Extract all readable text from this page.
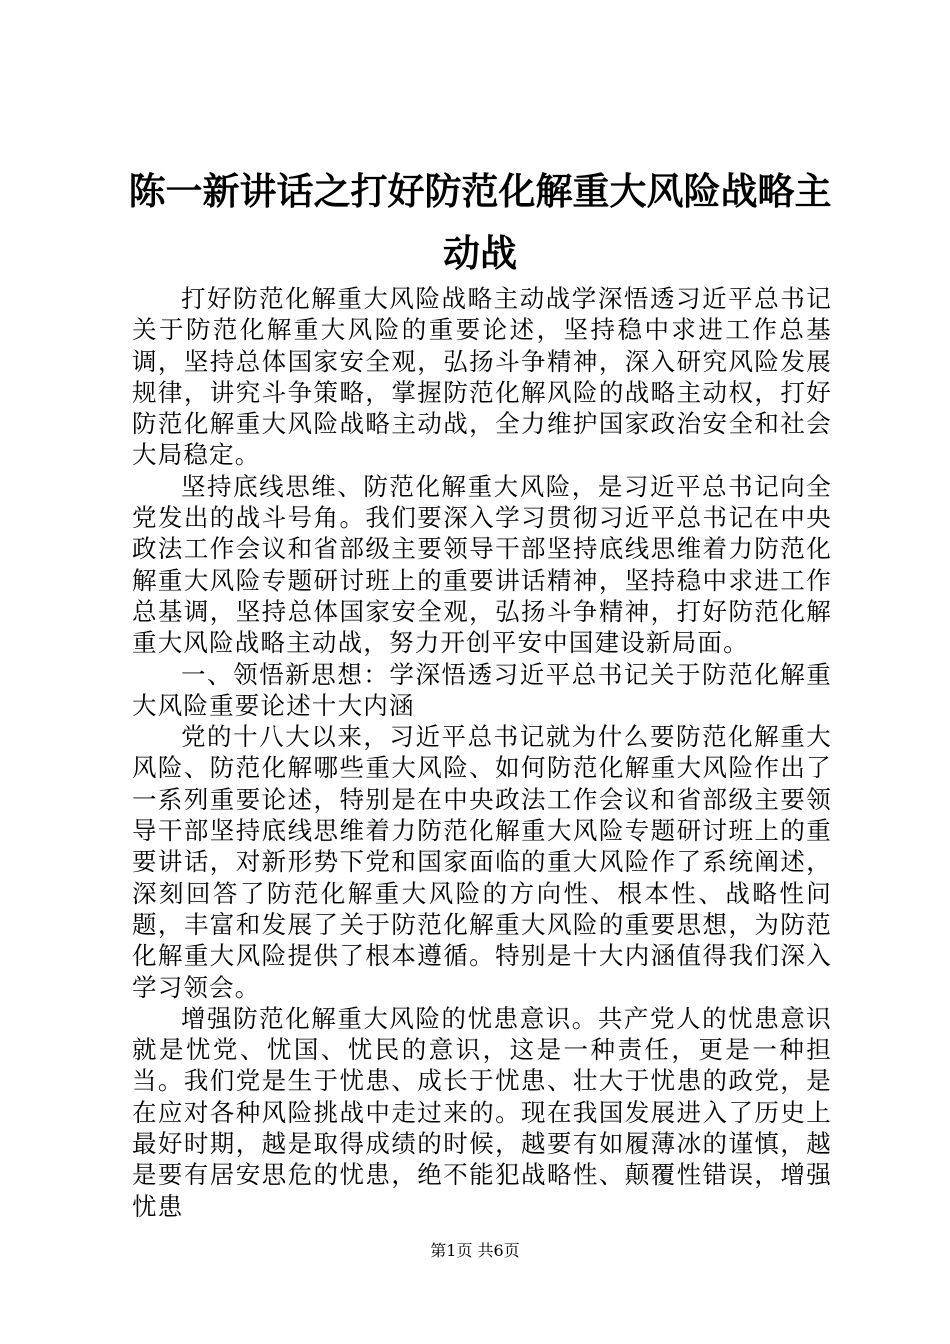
陈一新讲话之打好防范化解重大风险战略主动战

打好防范化解重大风险战略主动战学深悟透习近平总书记关于防范化解重大风险的重要论述，坚持稳中求进工作总基调，坚持总体国家安全观，弘扬斗争精神，深入研究风险发展规律，讲究斗争策略，掌握防范化解风险的战略主动权，打好防范化解重大风险战略主动战，全力维护国家政治安全和社会大局稳定。

坚持底线思维、防范化解重大风险，是习近平总书记向全党发出的战斗号角。我们要深入学习贯彻习近平总书记在中央政法工作会议和省部级主要领导干部坚持底线思维着力防范化解重大风险专题研讨班上的重要讲话精神，坚持稳中求进工作总基调，坚持总体国家安全观，弘扬斗争精神，打好防范化解重大风险战略主动战，努力开创平安中国建设新局面。

一、领悟新思想：学深悟透习近平总书记关于防范化解重大风险重要论述十大内涵

党的十八大以来，习近平总书记就为什么要防范化解重大风险、防范化解哪些重大风险、如何防范化解重大风险作出了一系列重要论述，特别是在中央政法工作会议和省部级主要领导干部坚持底线思维着力防范化解重大风险专题研讨班上的重要讲话，对新形势下党和国家面临的重大风险作了系统阐述，深刻回答了防范化解重大风险的方向性、根本性、战略性问题，丰富和发展了关于防范化解重大风险的重要思想，为防范化解重大风险提供了根本遵循。特别是十大内涵值得我们深入学习领会。

增强防范化解重大风险的忧患意识。共产党人的忧患意识就是忧党、忧国、忧民的意识，这是一种责任，更是一种担当。我们党是生于忧患、成长于忧患、壮大于忧患的政党，是在应对各种风险挑战中走过来的。现在我国发展进入了历史上最好时期，越是取得成绩的时候，越要有如履薄冰的谨慎，越是要有居安思危的忧患，绝不能犯战略性、颠覆性错误，增强忧患

第1页 共6页
